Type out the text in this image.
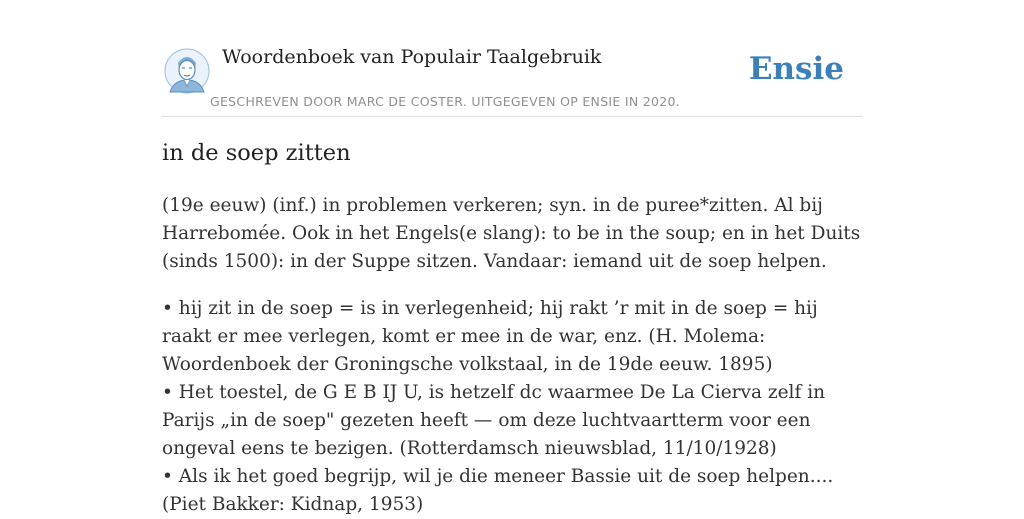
Woordenboek van Populair Taalgebruik
GESCHREVEN DOOR MARC DE COSTER. UITGEGEVEN OP ENSIE IN 2020.
Ensie
in de soep zitten

(19e eeuw) (inf.) in problemen verkeren; syn. in de puree*zitten. Al bij Harrebomée. Ook in het Engels(e slang): to be in the soup; en in het Duits (sinds 1500): in der Suppe sitzen. Vandaar: iemand uit de soep helpen.

• hij zit in de soep = is in verlegenheid; hij rakt ’r mit in de soep = hij raakt er mee verlegen, komt er mee in de war, enz. (H. Molema: Woordenboek der Groningsche volkstaal, in de 19de eeuw. 1895)

• Het toestel, de G E B IJ U, is hetzelf dc waarmee De La Cierva zelf in Parijs „in de soep" gezeten heeft — om deze luchtvaartterm voor een ongeval eens te bezigen. (Rotterdamsch nieuwsblad, 11/10/1928)

• Als ik het goed begrijp, wil je die meneer Bassie uit de soep helpen.... (Piet Bakker: Kidnap, 1953)
